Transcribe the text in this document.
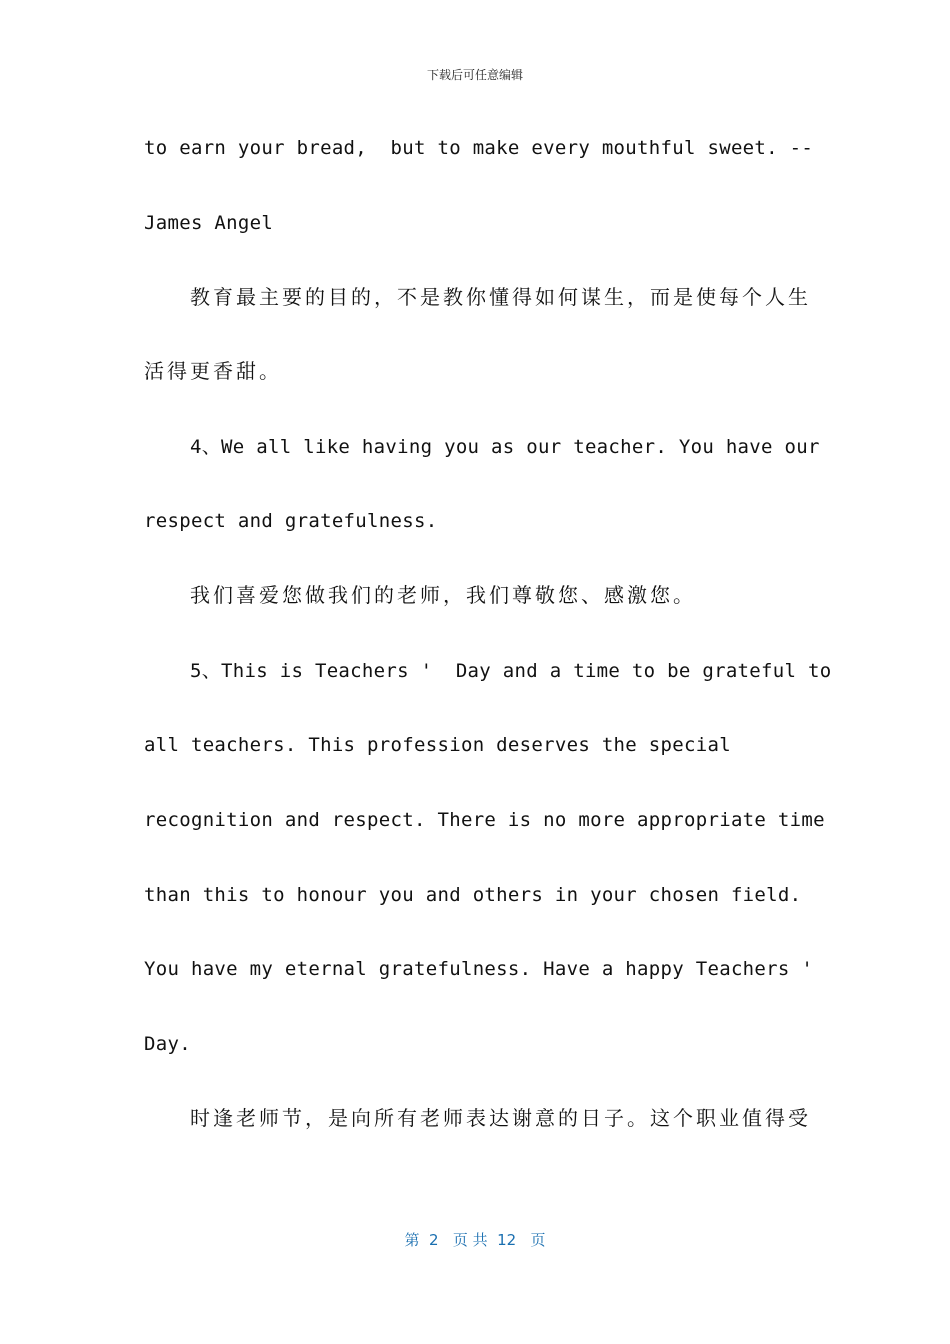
下载后可任意编辑
to earn your bread,  but to make every mouthful sweet. --
James Angel
教育最主要的目的，不是教你懂得如何谋生，而是使每个人生
活得更香甜。
4、We all like having you as our teacher. You have our
respect and gratefulness.
我们喜爱您做我们的老师，我们尊敬您、感激您。
5、This is Teachers '  Day and a time to be grateful to
all teachers. This profession deserves the special
recognition and respect. There is no more appropriate time
than this to honour you and others in your chosen field.
You have my eternal gratefulness. Have a happy Teachers '
Day.
时逢老师节，是向所有老师表达谢意的日子。这个职业值得受
第  2   页 共  12   页
